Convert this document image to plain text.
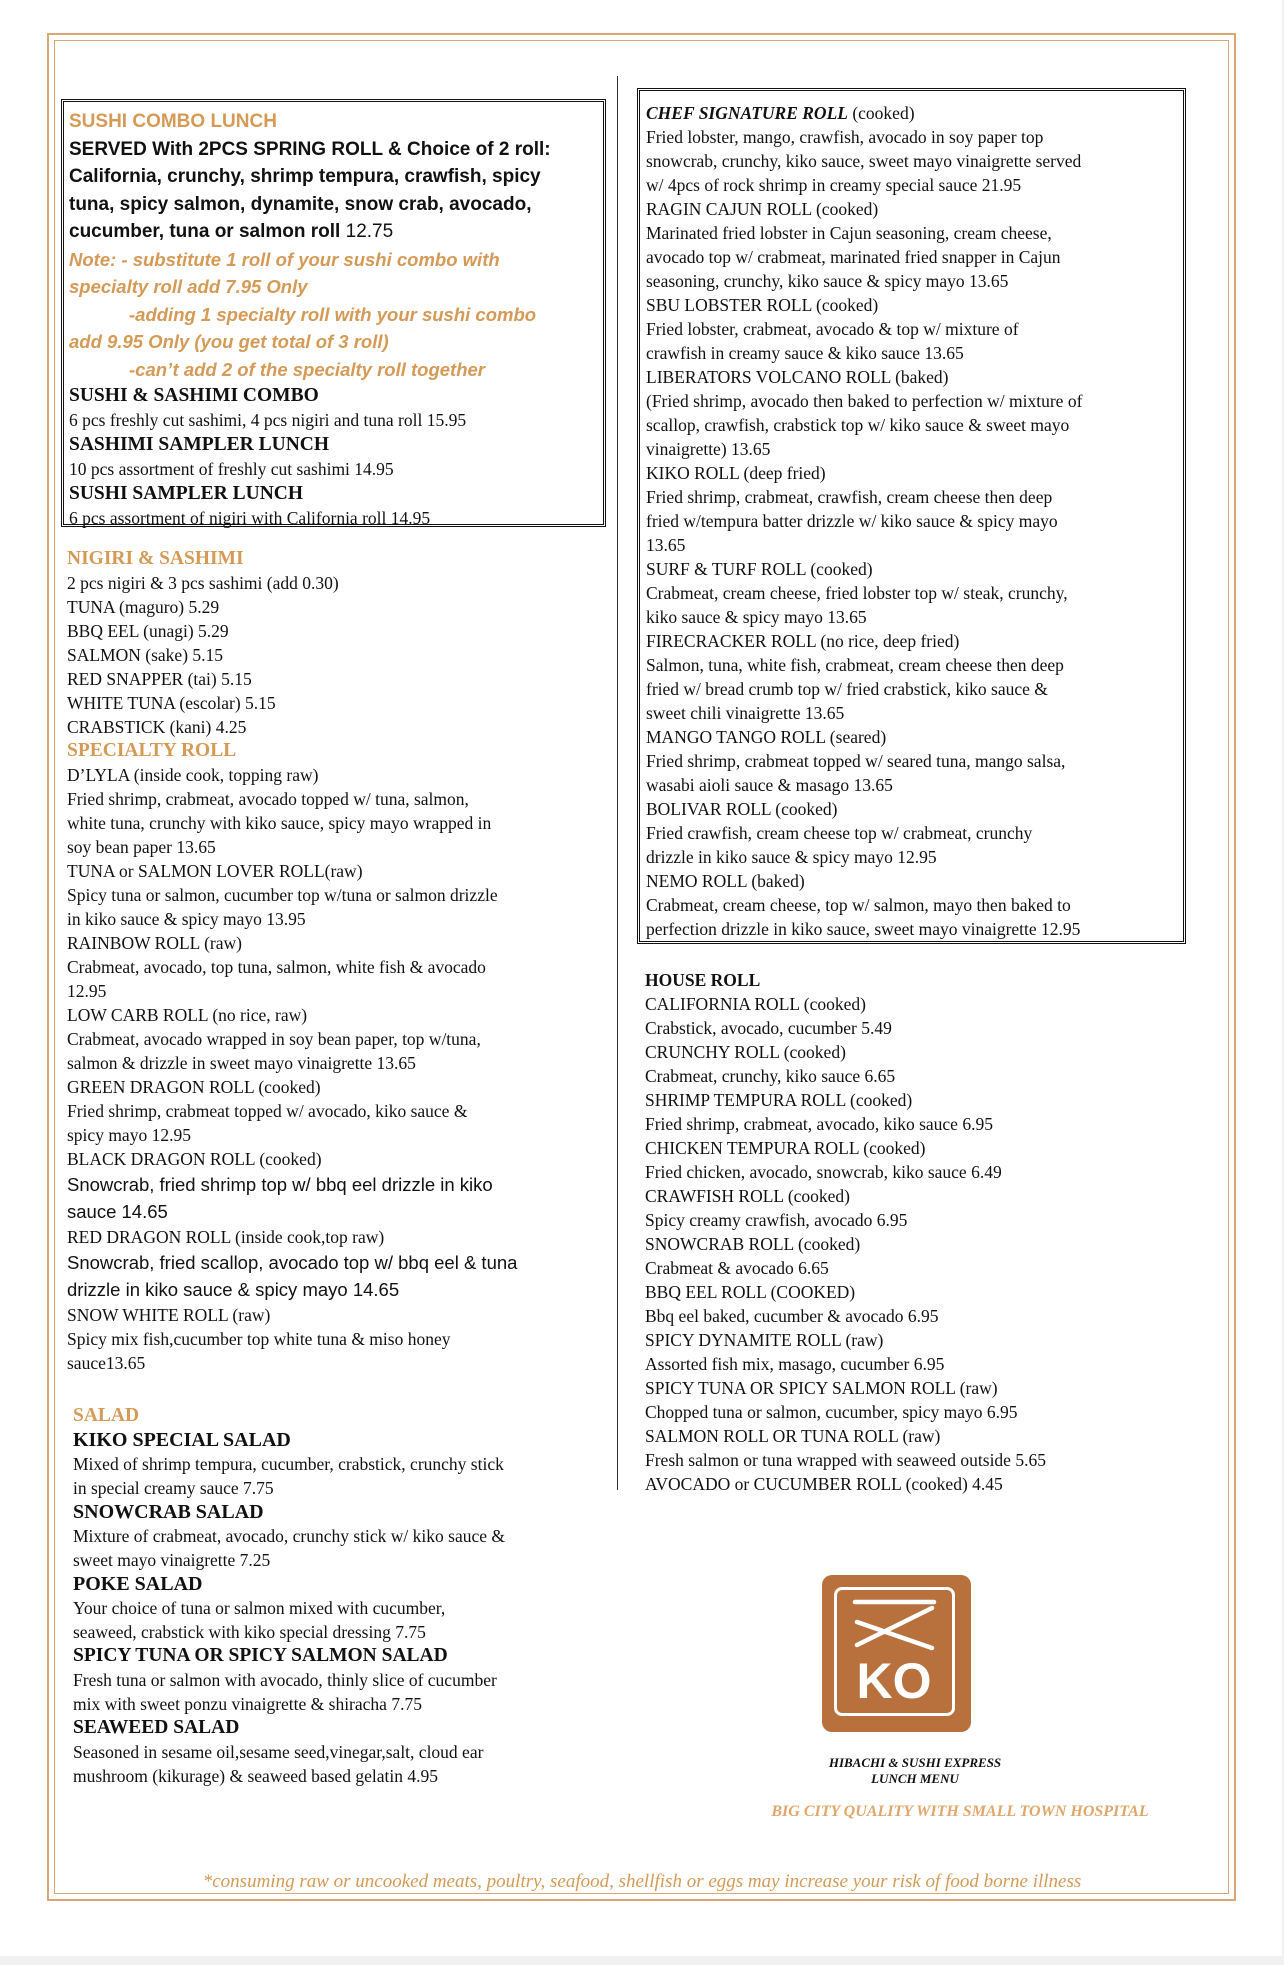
SUSHI COMBO LUNCH
SERVED With 2PCS SPRING ROLL & Choice of 2 roll:
California, crunchy, shrimp tempura, crawfish, spicy
tuna, spicy salmon, dynamite, snow crab, avocado,
cucumber, tuna or salmon roll 12.75
Note: - substitute 1 roll of your sushi combo with
specialty roll add 7.95 Only
-adding 1 specialty roll with your sushi combo
add 9.95 Only (you get total of 3 roll)
-can’t add 2 of the specialty roll together
SUSHI & SASHIMI COMBO
6 pcs freshly cut sashimi, 4 pcs nigiri and tuna roll 15.95
SASHIMI SAMPLER LUNCH
10 pcs assortment of freshly cut sashimi 14.95
SUSHI SAMPLER LUNCH
6 pcs assortment of nigiri with California roll 14.95
NIGIRI & SASHIMI
2 pcs nigiri & 3 pcs sashimi (add 0.30)
TUNA (maguro) 5.29
BBQ EEL (unagi) 5.29
SALMON (sake) 5.15
RED SNAPPER (tai) 5.15
WHITE TUNA (escolar) 5.15
CRABSTICK (kani) 4.25
SPECIALTY ROLL
D’LYLA (inside cook, topping raw)
Fried shrimp, crabmeat, avocado topped w/ tuna, salmon,
white tuna, crunchy with kiko sauce, spicy mayo wrapped in
soy bean paper 13.65
TUNA or SALMON LOVER ROLL(raw)
Spicy tuna or salmon, cucumber top w/tuna or salmon drizzle
in kiko sauce & spicy mayo 13.95
RAINBOW ROLL (raw)
Crabmeat, avocado, top tuna, salmon, white fish & avocado
12.95
LOW CARB ROLL (no rice, raw)
Crabmeat, avocado wrapped in soy bean paper, top w/tuna,
salmon & drizzle in sweet mayo vinaigrette 13.65
GREEN DRAGON ROLL (cooked)
Fried shrimp, crabmeat topped w/ avocado, kiko sauce &
spicy mayo 12.95
BLACK DRAGON ROLL (cooked)
Snowcrab, fried shrimp top w/ bbq eel drizzle in kiko
sauce 14.65
RED DRAGON ROLL (inside cook,top raw)
Snowcrab, fried scallop, avocado top w/ bbq eel & tuna
drizzle in kiko sauce & spicy mayo 14.65
SNOW WHITE ROLL (raw)
Spicy mix fish,cucumber top white tuna & miso honey
sauce13.65
SALAD
KIKO SPECIAL SALAD
Mixed of shrimp tempura, cucumber, crabstick, crunchy stick
in special creamy sauce 7.75
SNOWCRAB SALAD
Mixture of crabmeat, avocado, crunchy stick w/ kiko sauce &
sweet mayo vinaigrette 7.25
POKE SALAD
Your choice of tuna or salmon mixed with cucumber,
seaweed, crabstick with kiko special dressing 7.75
SPICY TUNA OR SPICY SALMON SALAD
Fresh tuna or salmon with avocado, thinly slice of cucumber
mix with sweet ponzu vinaigrette & shiracha 7.75
SEAWEED SALAD
Seasoned in sesame oil,sesame seed,vinegar,salt, cloud ear
mushroom (kikurage) & seaweed based gelatin 4.95
CHEF SIGNATURE ROLL (cooked)
Fried lobster, mango, crawfish, avocado in soy paper top
snowcrab, crunchy, kiko sauce, sweet mayo vinaigrette served
w/ 4pcs of rock shrimp in creamy special sauce 21.95
RAGIN CAJUN ROLL (cooked)
Marinated fried lobster in Cajun seasoning, cream cheese,
avocado top w/ crabmeat, marinated fried snapper in Cajun
seasoning, crunchy, kiko sauce & spicy mayo 13.65
SBU LOBSTER ROLL (cooked)
Fried lobster, crabmeat, avocado & top w/ mixture of
crawfish in creamy sauce & kiko sauce 13.65
LIBERATORS VOLCANO ROLL (baked)
(Fried shrimp, avocado then baked to perfection w/ mixture of
scallop, crawfish, crabstick top w/ kiko sauce & sweet mayo
vinaigrette) 13.65
KIKO ROLL (deep fried)
Fried shrimp, crabmeat, crawfish, cream cheese then deep
fried w/tempura batter drizzle w/ kiko sauce & spicy mayo
13.65
SURF & TURF ROLL (cooked)
Crabmeat, cream cheese, fried lobster top w/ steak, crunchy,
kiko sauce & spicy mayo 13.65
FIRECRACKER ROLL (no rice, deep fried)
Salmon, tuna, white fish, crabmeat, cream cheese then deep
fried w/ bread crumb top w/ fried crabstick, kiko sauce &
sweet chili vinaigrette 13.65
MANGO TANGO ROLL (seared)
Fried shrimp, crabmeat topped w/ seared tuna, mango salsa,
wasabi aioli sauce & masago 13.65
BOLIVAR ROLL (cooked)
Fried crawfish, cream cheese top w/ crabmeat, crunchy
drizzle in kiko sauce & spicy mayo 12.95
NEMO ROLL (baked)
Crabmeat, cream cheese, top w/ salmon, mayo then baked to
perfection drizzle in kiko sauce, sweet mayo vinaigrette 12.95
HOUSE ROLL
CALIFORNIA ROLL (cooked)
Crabstick, avocado, cucumber 5.49
CRUNCHY ROLL (cooked)
Crabmeat, crunchy, kiko sauce 6.65
SHRIMP TEMPURA ROLL (cooked)
Fried shrimp, crabmeat, avocado, kiko sauce 6.95
CHICKEN TEMPURA ROLL (cooked)
Fried chicken, avocado, snowcrab, kiko sauce 6.49
CRAWFISH ROLL (cooked)
Spicy creamy crawfish, avocado 6.95
SNOWCRAB ROLL (cooked)
Crabmeat & avocado 6.65
BBQ EEL ROLL (COOKED)
Bbq eel baked, cucumber & avocado 6.95
SPICY DYNAMITE ROLL (raw)
Assorted fish mix, masago, cucumber 6.95
SPICY TUNA OR SPICY SALMON ROLL (raw)
Chopped tuna or salmon, cucumber, spicy mayo 6.95
SALMON ROLL OR TUNA ROLL (raw)
Fresh salmon or tuna wrapped with seaweed outside 5.65
AVOCADO or CUCUMBER ROLL (cooked) 4.45
KO
HIBACHI & SUSHI EXPRESS
LUNCH MENU
BIG CITY QUALITY WITH SMALL TOWN HOSPITAL
*consuming raw or uncooked meats, poultry, seafood, shellfish or eggs may increase your risk of food borne illness
